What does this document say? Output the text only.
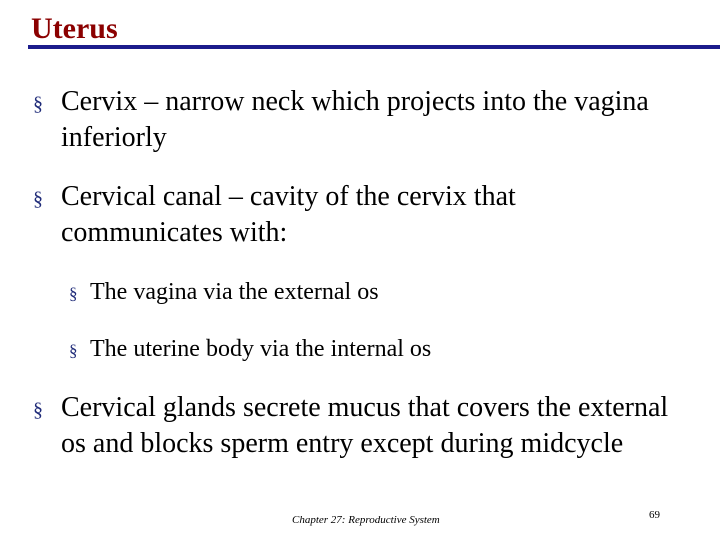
Uterus
§ Cervix – narrow neck which projects into the vagina inferiorly
§ Cervical canal – cavity of the cervix that communicates with:
§ The vagina via the external os
§ The uterine body via the internal os
§ Cervical glands secrete mucus that covers the external os and blocks sperm entry except during midcycle
Chapter 27: Reproductive System	69
